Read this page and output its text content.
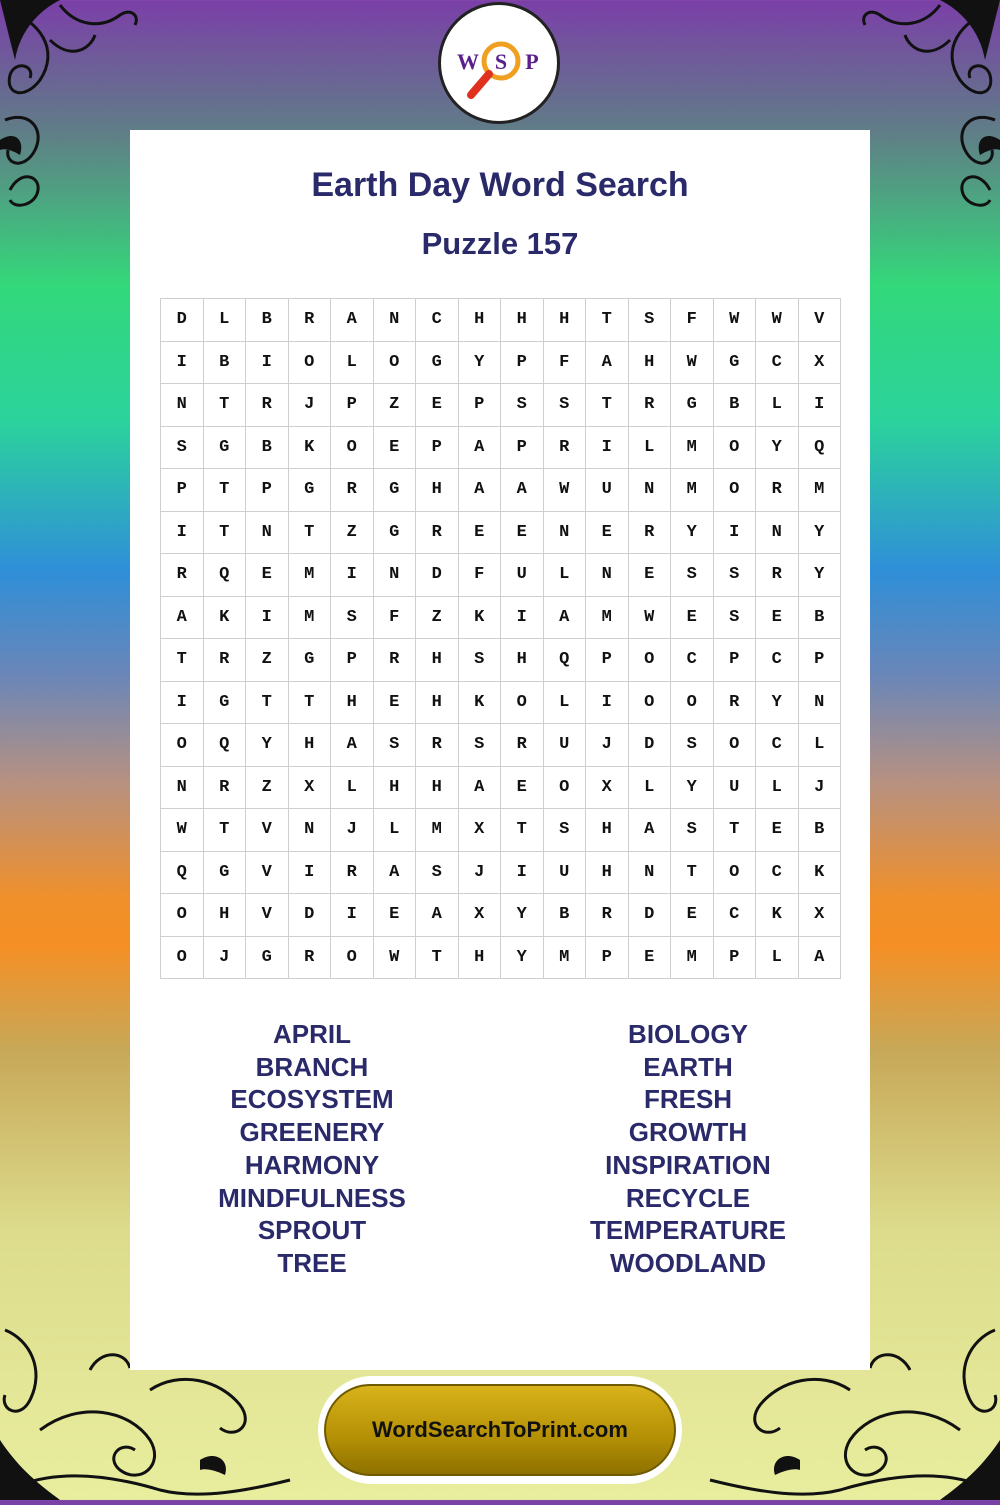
W S P
Earth Day Word Search
Puzzle 157
D	L	B	R	A	N	C	H	H	H	T	S	F	W	W	V
I	B	I	O	L	O	G	Y	P	F	A	H	W	G	C	X
N	T	R	J	P	Z	E	P	S	S	T	R	G	B	L	I
S	G	B	K	O	E	P	A	P	R	I	L	M	O	Y	Q
P	T	P	G	R	G	H	A	A	W	U	N	M	O	R	M
I	T	N	T	Z	G	R	E	E	N	E	R	Y	I	N	Y
R	Q	E	M	I	N	D	F	U	L	N	E	S	S	R	Y
A	K	I	M	S	F	Z	K	I	A	M	W	E	S	E	B
T	R	Z	G	P	R	H	S	H	Q	P	O	C	P	C	P
I	G	T	T	H	E	H	K	O	L	I	O	O	R	Y	N
O	Q	Y	H	A	S	R	S	R	U	J	D	S	O	C	L
N	R	Z	X	L	H	H	A	E	O	X	L	Y	U	L	J
W	T	V	N	J	L	M	X	T	S	H	A	S	T	E	B
Q	G	V	I	R	A	S	J	I	U	H	N	T	O	C	K
O	H	V	D	I	E	A	X	Y	B	R	D	E	C	K	X
O	J	G	R	O	W	T	H	Y	M	P	E	M	P	L	A
APRIL
BRANCH
ECOSYSTEM
GREENERY
HARMONY
MINDFULNESS
SPROUT
TREE
BIOLOGY
EARTH
FRESH
GROWTH
INSPIRATION
RECYCLE
TEMPERATURE
WOODLAND
WordSearchToPrint.com
